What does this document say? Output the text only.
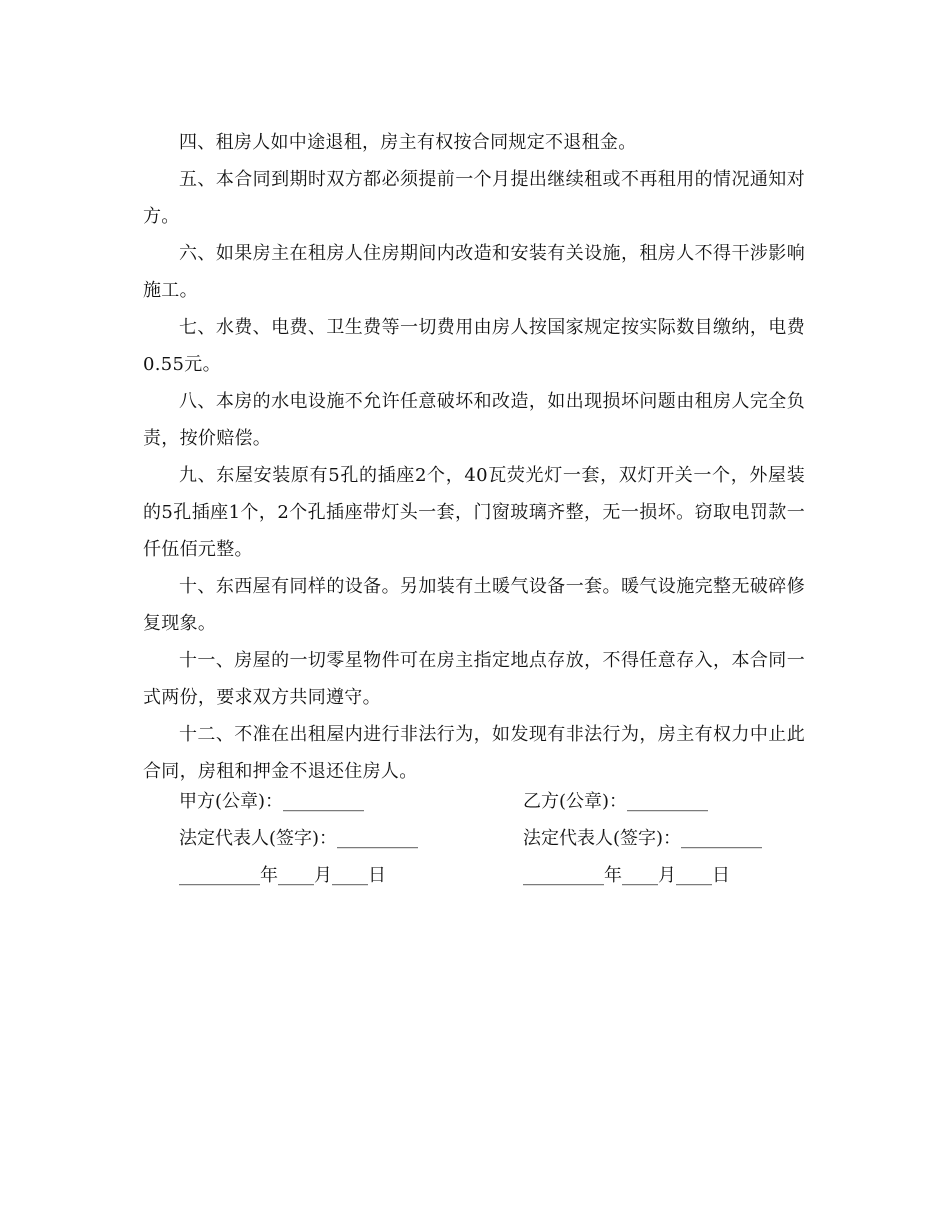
四、租房人如中途退租，房主有权按合同规定不退租金。

五、本合同到期时双方都必须提前一个月提出继续租或不再租用的情况通知对方。

六、如果房主在租房人住房期间内改造和安装有关设施，租房人不得干涉影响施工。

七、水费、电费、卫生费等一切费用由房人按国家规定按实际数目缴纳，电费0.55元。

八、本房的水电设施不允许任意破坏和改造，如出现损坏问题由租房人完全负责，按价赔偿。

九、东屋安装原有5孔的插座2个，40瓦荧光灯一套，双灯开关一个，外屋装的5孔插座1个，2个孔插座带灯头一套，门窗玻璃齐整，无一损坏。窃取电罚款一仟伍佰元整。

十、东西屋有同样的设备。另加装有土暖气设备一套。暖气设施完整无破碎修复现象。

十一、房屋的一切零星物件可在房主指定地点存放，不得任意存入，本合同一式两份，要求双方共同遵守。

十二、不准在出租屋内进行非法行为，如发现有非法行为，房主有权力中止此合同，房租和押金不退还住房人。

甲方(公章)：_________
法定代表人(签字)：_________
_________年____月____日
乙方(公章)：_________
法定代表人(签字)：_________
_________年____月____日
